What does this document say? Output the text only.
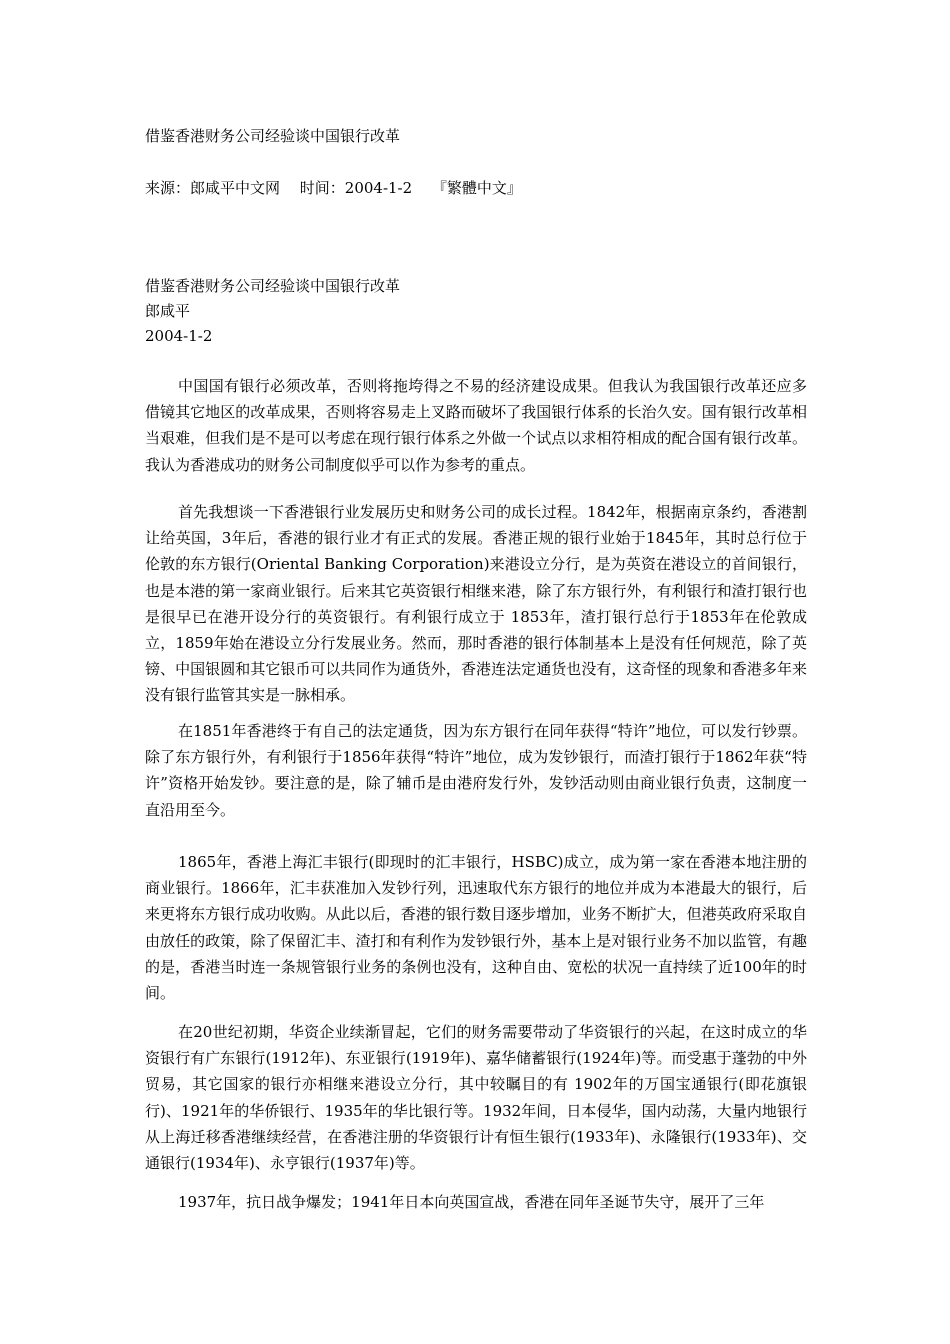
借鉴香港财务公司经验谈中国银行改革
来源：郎咸平中文网　 时间：2004-1-2　 『繁體中文』
借鉴香港财务公司经验谈中国银行改革
郎咸平
2004-1-2

中国国有银行必须改革，否则将拖垮得之不易的经济建设成果。但我认为我国银行改革还应多借镜其它地区的改革成果，否则将容易走上叉路而破坏了我国银行体系的长治久安。国有银行改革相当艰难，但我们是不是可以考虑在现行银行体系之外做一个试点以求相符相成的配合国有银行改革。我认为香港成功的财务公司制度似乎可以作为参考的重点。

首先我想谈一下香港银行业发展历史和财务公司的成长过程。1842年，根据南京条约，香港割让给英国，3年后，香港的银行业才有正式的发展。香港正规的银行业始于1845年，其时总行位于伦敦的东方银行(Oriental Banking Corporation)来港设立分行，是为英资在港设立的首间银行，也是本港的第一家商业银行。后来其它英资银行相继来港，除了东方银行外，有利银行和渣打银行也是很早已在港开设分行的英资银行。有利银行成立于 1853年，渣打银行总行于1853年在伦敦成立，1859年始在港设立分行发展业务。然而，那时香港的银行体制基本上是没有任何规范，除了英镑、中国银圆和其它银币可以共同作为通货外，香港连法定通货也没有，这奇怪的现象和香港多年来没有银行监管其实是一脉相承。

在1851年香港终于有自己的法定通货，因为东方银行在同年获得“特许”地位，可以发行钞票。除了东方银行外，有利银行于1856年获得“特许”地位，成为发钞银行，而渣打银行于1862年获“特许”资格开始发钞。要注意的是，除了辅币是由港府发行外，发钞活动则由商业银行负责，这制度一直沿用至今。

1865年，香港上海汇丰银行(即现时的汇丰银行，HSBC)成立，成为第一家在香港本地注册的商业银行。1866年，汇丰获准加入发钞行列，迅速取代东方银行的地位并成为本港最大的银行，后来更将东方银行成功收购。从此以后，香港的银行数目逐步增加，业务不断扩大，但港英政府采取自由放任的政策，除了保留汇丰、渣打和有利作为发钞银行外，基本上是对银行业务不加以监管，有趣的是，香港当时连一条规管银行业务的条例也没有，这种自由、宽松的状况一直持续了近100年的时间。

在20世纪初期，华资企业续渐冒起，它们的财务需要带动了华资银行的兴起，在这时成立的华资银行有广东银行(1912年)、东亚银行(1919年)、嘉华储蓄银行(1924年)等。而受惠于蓬勃的中外贸易，其它国家的银行亦相继来港设立分行，其中较瞩目的有 1902年的万国宝通银行(即花旗银行)、1921年的华侨银行、1935年的华比银行等。1932年间，日本侵华，国内动荡，大量内地银行从上海迁移香港继续经营，在香港注册的华资银行计有恒生银行(1933年)、永隆银行(1933年)、交通银行(1934年)、永亨银行(1937年)等。

1937年，抗日战争爆发；1941年日本向英国宣战，香港在同年圣诞节失守，展开了三年
